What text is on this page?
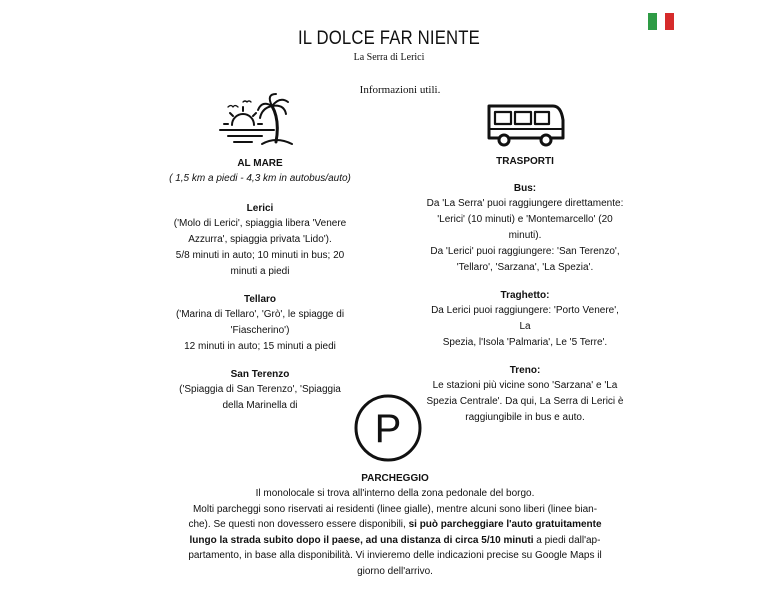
IL DOLCE FAR NIENTE
La Serra di Lerici
Informazioni utili.
AL MARE
( 1,5 km a piedi - 4,3 km in autobus/auto)
Lerici
('Molo di Lerici', spiaggia libera 'Venere
Azzurra', spiaggia privata 'Lido').
5/8 minuti in auto; 10 minuti in bus; 20
minuti a piedi
Tellaro
('Marina di Tellaro', 'Grò', le spiagge di
'Fiascherino')
12 minuti in auto; 15 minuti a piedi
San Terenzo
('Spiaggia di San Terenzo', 'Spiaggia
della Marinella di
TRASPORTI
Bus:
Da 'La Serra' puoi raggiungere direttamente:
'Lerici' (10 minuti) e 'Montemarcello' (20
minuti).
Da 'Lerici' puoi raggiungere: 'San Terenzo',
'Tellaro', 'Sarzana', 'La Spezia'.
Traghetto:
Da Lerici puoi raggiungere: 'Porto Venere', La
Spezia, l'Isola 'Palmaria', Le '5 Terre'.
Treno:
Le stazioni più vicine sono 'Sarzana' e 'La
Spezia Centrale'. Da qui, La Serra di Lerici è
raggiungibile in bus e auto.
P
PARCHEGGIO
Il monolocale si trova all'interno della zona pedonale del borgo.
Molti parcheggi sono riservati ai residenti (linee gialle), mentre alcuni sono liberi (linee bian-
che). Se questi non dovessero essere disponibili, si può parcheggiare l'auto gratuitamente
lungo la strada subito dopo il paese, ad una distanza di circa 5/10 minuti a piedi dall'ap-
partamento, in base alla disponibilità. Vi invieremo delle indicazioni precise su Google Maps il
giorno dell'arrivo.
